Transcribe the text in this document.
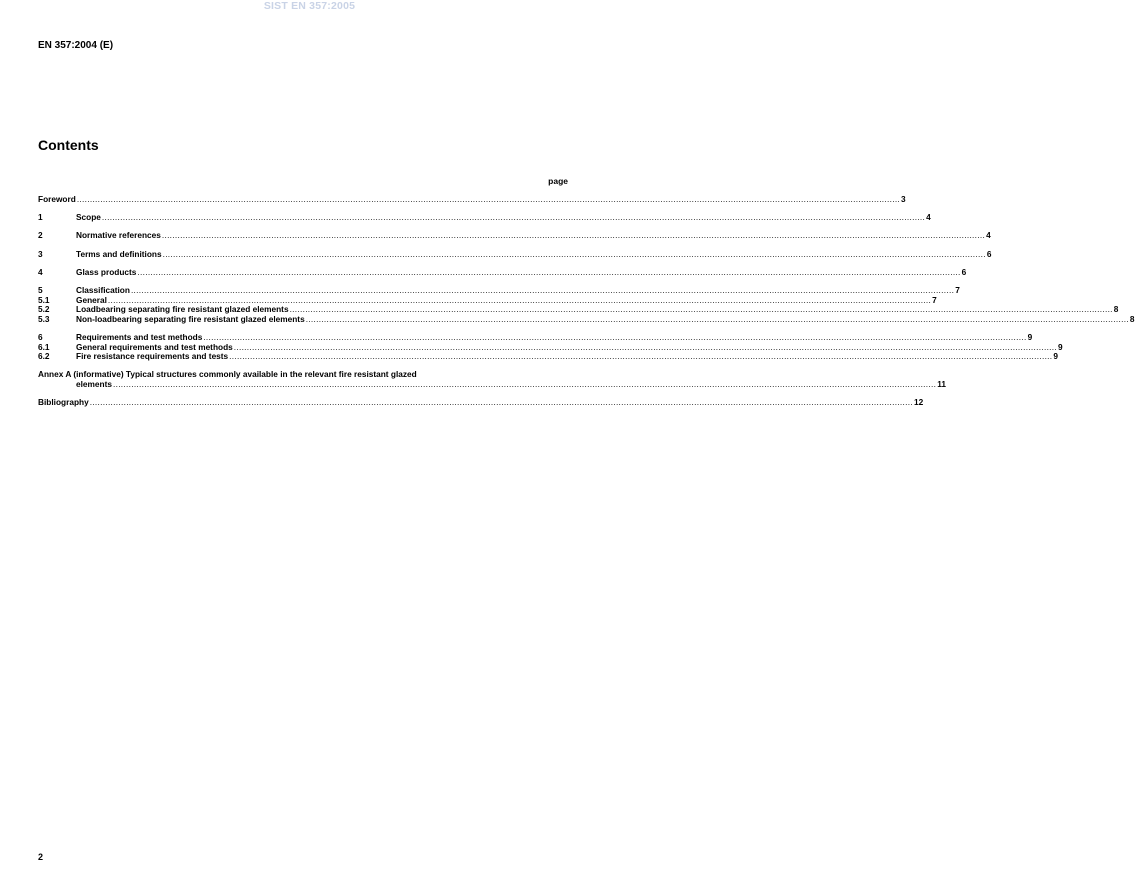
SIST EN 357:2005
EN 357:2004 (E)
Contents
page
Foreword .....	3
1	Scope .....	4
2	Normative references .....	4
3	Terms and definitions .....	6
4	Glass products .....	6
5	Classification .....	7
5.1	General .....	7
5.2	Loadbearing separating fire resistant glazed elements .....	8
5.3	Non-loadbearing separating fire resistant glazed elements .....	8
6	Requirements and test methods .....	9
6.1	General requirements and test methods .....	9
6.2	Fire resistance requirements and tests .....	9
Annex A (informative) Typical structures commonly available in the relevant fire resistant glazed
elements .....	11
Bibliography .....	12
2
